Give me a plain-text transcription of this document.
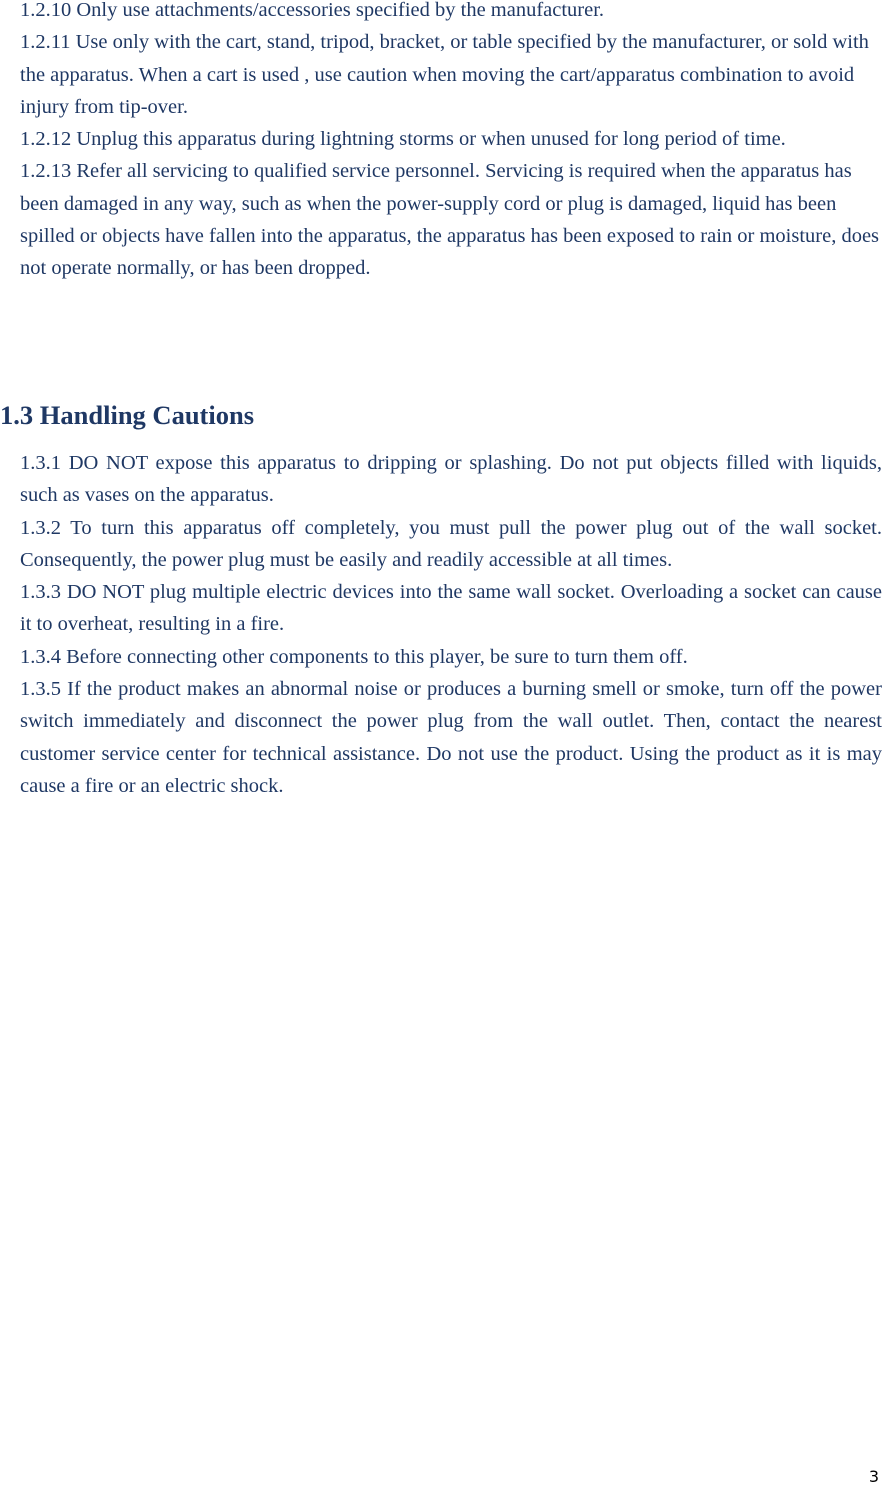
1.2.10 Only use attachments/accessories specified by the manufacturer.

1.2.11 Use only with the cart, stand, tripod, bracket, or table specified by the manufacturer, or sold with the apparatus. When a cart is used , use caution when moving the cart/apparatus combination to avoid injury from tip-over.

1.2.12 Unplug this apparatus during lightning storms or when unused for long period of time.

1.2.13 Refer all servicing to qualified service personnel. Servicing is required when the apparatus has been damaged in any way, such as when the power-supply cord or plug is damaged, liquid has been spilled or objects have fallen into the apparatus, the apparatus has been exposed to rain or moisture, does not operate normally, or has been dropped.

1.3 Handling Cautions

1.3.1 DO NOT expose this apparatus to dripping or splashing. Do not put objects filled with liquids, such as vases on the apparatus.

1.3.2 To turn this apparatus off completely, you must pull the power plug out of the wall socket. Consequently, the power plug must be easily and readily accessible at all times.

1.3.3 DO NOT plug multiple electric devices into the same wall socket. Overloading a socket can cause it to overheat, resulting in a fire.

1.3.4 Before connecting other components to this player, be sure to turn them off.

1.3.5 If the product makes an abnormal noise or produces a burning smell or smoke, turn off the power switch immediately and disconnect the power plug from the wall outlet. Then, contact the nearest customer service center for technical assistance. Do not use the product. Using the product as it is may cause a fire or an electric shock.

3
